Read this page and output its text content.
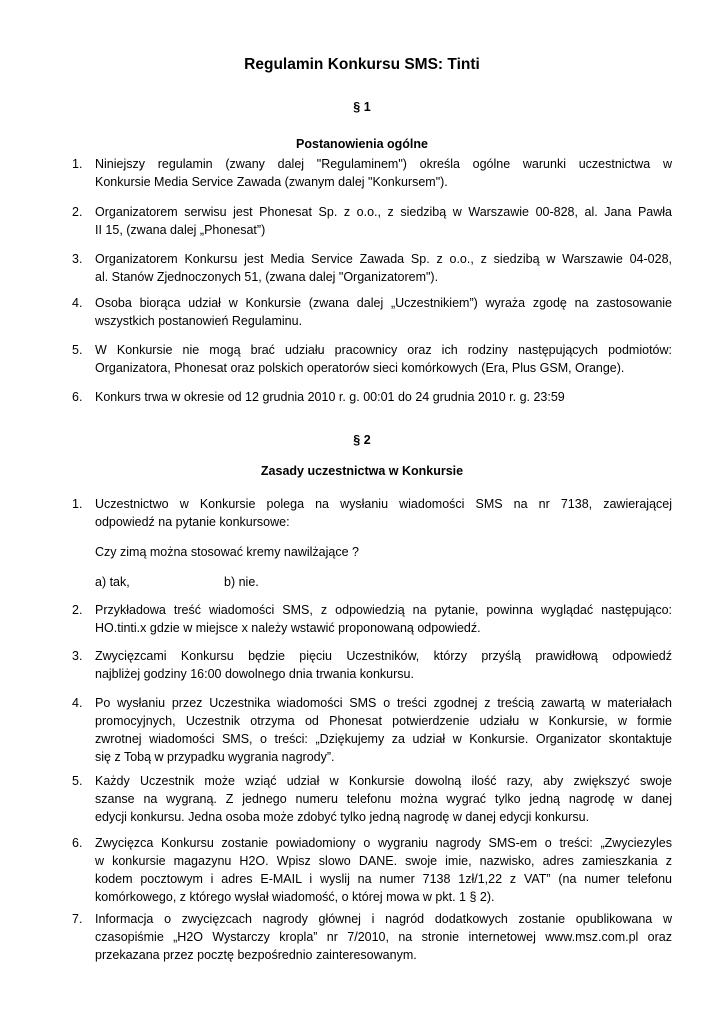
Regulamin Konkursu SMS: Tinti
§ 1
Postanowienia ogólne
1.	Niniejszy regulamin (zwany dalej "Regulaminem") określa ogólne warunki uczestnictwa w
Konkursie Media Service Zawada (zwanym dalej "Konkursem").
2.	Organizatorem serwisu jest Phonesat Sp. z o.o., z siedzibą w Warszawie 00-828, al. Jana Pawła
II 15, (zwana dalej „Phonesat”)
3.	Organizatorem Konkursu jest Media Service Zawada Sp. z o.o., z siedzibą w Warszawie 04-028,
al. Stanów Zjednoczonych 51, (zwana dalej "Organizatorem").
4.	Osoba biorąca udział w Konkursie (zwana dalej „Uczestnikiem”) wyraża zgodę na zastosowanie
wszystkich postanowień Regulaminu.
5.	W Konkursie nie mogą brać udziału pracownicy oraz ich rodziny następujących podmiotów:
Organizatora, Phonesat oraz polskich operatorów sieci komórkowych (Era, Plus GSM, Orange).
6.	Konkurs trwa w okresie od 12 grudnia 2010 r. g. 00:01 do 24 grudnia 2010 r. g. 23:59
§ 2
Zasady uczestnictwa w Konkursie
1.	Uczestnictwo w Konkursie polega na wysłaniu wiadomości SMS na nr 7138, zawierającej
odpowiedź na pytanie konkursowe:
2.	Przykładowa treść wiadomości SMS, z odpowiedzią na pytanie, powinna wyglądać następująco:
HO.tinti.x gdzie w miejsce x należy wstawić proponowaną odpowiedź.
3.	Zwycięzcami Konkursu będzie pięciu Uczestników, którzy przyślą prawidłową odpowiedź
najbliżej godziny 16:00 dowolnego dnia trwania konkursu.
4.	Po wysłaniu przez Uczestnika wiadomości SMS o treści zgodnej z treścią zawartą w materiałach
promocyjnych, Uczestnik otrzyma od Phonesat potwierdzenie udziału w Konkursie, w formie
zwrotnej wiadomości SMS, o treści: „Dziękujemy za udział w Konkursie. Organizator skontaktuje
się z Tobą w przypadku wygrania nagrody”.
5.	Każdy Uczestnik może wziąć udział w Konkursie dowolną ilość razy, aby zwiększyć swoje
szanse na wygraną. Z jednego numeru telefonu można wygrać tylko jedną nagrodę w danej
edycji konkursu. Jedna osoba może zdobyć tylko jedną nagrodę w danej edycji konkursu.
6.	Zwycięzca Konkursu zostanie powiadomiony o wygraniu nagrody SMS-em o treści: „Zwyciezyles
w konkursie magazynu H2O. Wpisz slowo DANE. swoje imie, nazwisko, adres zamieszkania z
kodem pocztowym i adres E-MAIL i wyslij na numer 7138 1zł/1,22 z VAT” (na numer telefonu
komórkowego, z którego wysłał wiadomość, o której mowa w pkt. 1 § 2).
7.	Informacja o zwycięzcach nagrody głównej i nagród dodatkowych zostanie opublikowana w
czasopiśmie „H2O Wystarczy kropla” nr 7/2010, na stronie internetowej www.msz.com.pl oraz
przekazana przez pocztę bezpośrednio zainteresowanym.
Czy zimą można stosować kremy nawilżające ?
a) tak,	b) nie.
